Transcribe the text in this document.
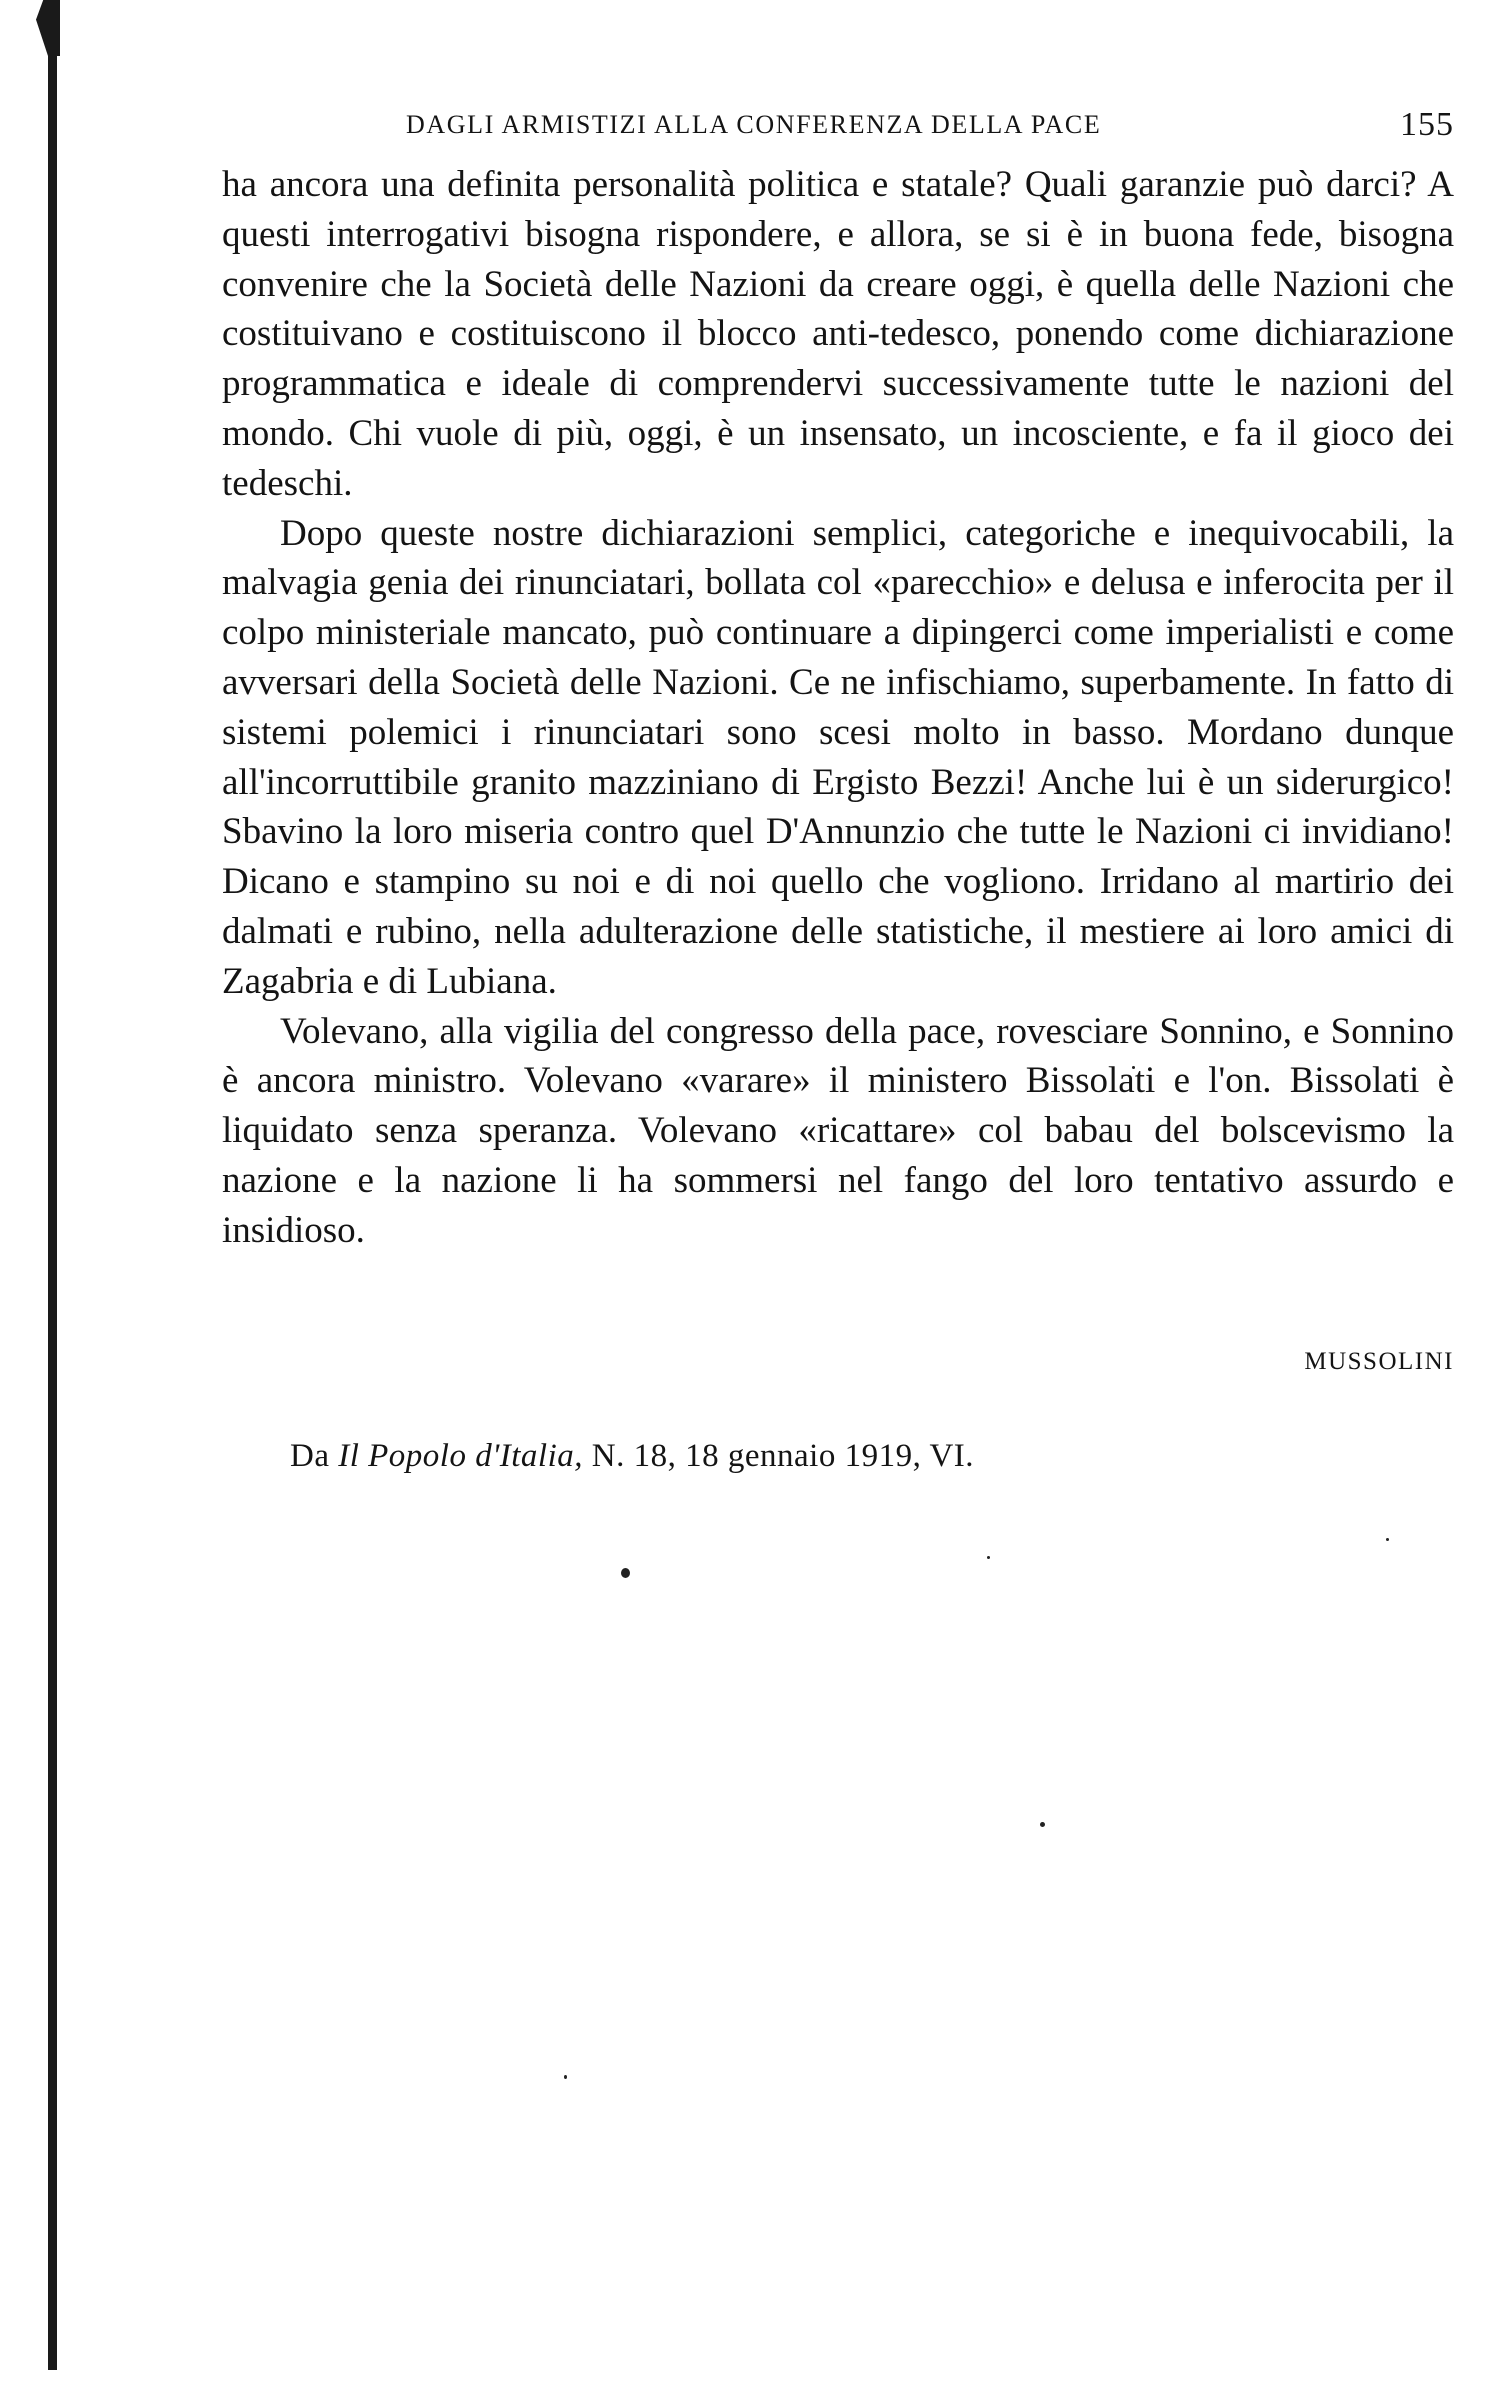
DAGLI ARMISTIZI ALLA CONFERENZA DELLA PACE	155

ha ancora una definita personalità politica e statale? Quali garanzie può darci? A questi interrogativi bisogna rispondere, e allora, se si è in buona fede, bisogna convenire che la Società delle Nazioni da creare oggi, è quella delle Nazioni che costituivano e costituiscono il blocco anti-tedesco, ponendo come dichiarazione programmatica e ideale di comprendervi successivamente tutte le nazioni del mondo. Chi vuole di più, oggi, è un insensato, un incosciente, e fa il gioco dei tedeschi.

Dopo queste nostre dichiarazioni semplici, categoriche e inequivocabili, la malvagia genia dei rinunciatari, bollata col «parecchio» e delusa e inferocita per il colpo ministeriale mancato, può continuare a dipingerci come imperialisti e come avversari della Società delle Nazioni. Ce ne infischiamo, superbamente. In fatto di sistemi polemici i rinunciatari sono scesi molto in basso. Mordano dunque all'incorruttibile granito mazziniano di Ergisto Bezzi! Anche lui è un siderurgico! Sbavino la loro miseria contro quel D'Annunzio che tutte le Nazioni ci invidiano! Dicano e stampino su noi e di noi quello che vogliono. Irridano al martirio dei dalmati e rubino, nella adulterazione delle statistiche, il mestiere ai loro amici di Zagabria e di Lubiana.

Volevano, alla vigilia del congresso della pace, rovesciare Sonnino, e Sonnino è ancora ministro. Volevano «varare» il ministero Bissolati e l'on. Bissolati è liquidato senza speranza. Volevano «ricattare» col babau del bolscevismo la nazione e la nazione li ha sommersi nel fango del loro tentativo assurdo e insidioso.

MUSSOLINI
Da Il Popolo d'Italia, N. 18, 18 gennaio 1919, VI.
